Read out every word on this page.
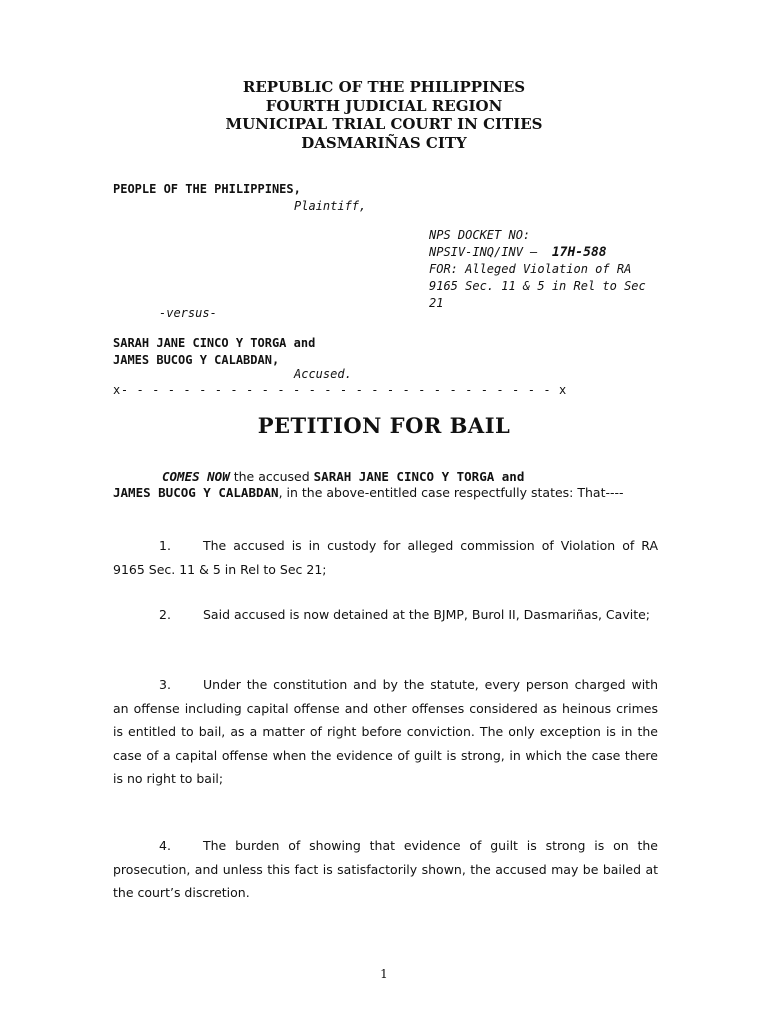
REPUBLIC OF THE PHILIPPINES
FOURTH JUDICIAL REGION
MUNICIPAL TRIAL COURT IN CITIES
DASMARIÑAS CITY
PEOPLE OF THE PHILIPPINES,
Plaintiff,
NPS DOCKET NO:
NPSIV-INQ/INV – 17H-588
FOR: Alleged Violation of RA
9165 Sec. 11 & 5 in Rel to Sec
21
-versus-
SARAH JANE CINCO Y TORGA and
JAMES BUCOG Y CALABDAN,
Accused.
x- - - - - - - - - - - - - - - - - - - - - - - - - - - - x
PETITION FOR BAIL
COMES NOW the accused SARAH JANE CINCO Y TORGA and
JAMES BUCOG Y CALABDAN, in the above-entitled case respectfully states: That----
1.	The accused is in custody for alleged commission of Violation of RA 9165 Sec. 11 & 5 in Rel to Sec 21;
2.	Said accused is now detained at the BJMP, Burol II, Dasmariñas, Cavite;
3.	Under the constitution and by the statute, every person charged with an offense including capital offense and other offenses considered as heinous crimes is entitled to bail, as a matter of right before conviction. The only exception is in the case of a capital offense when the evidence of guilt is strong, in which the case there is no right to bail;
4.	The burden of showing that evidence of guilt is strong is on the prosecution, and unless this fact is satisfactorily shown, the accused may be bailed at the court’s discretion.
1
